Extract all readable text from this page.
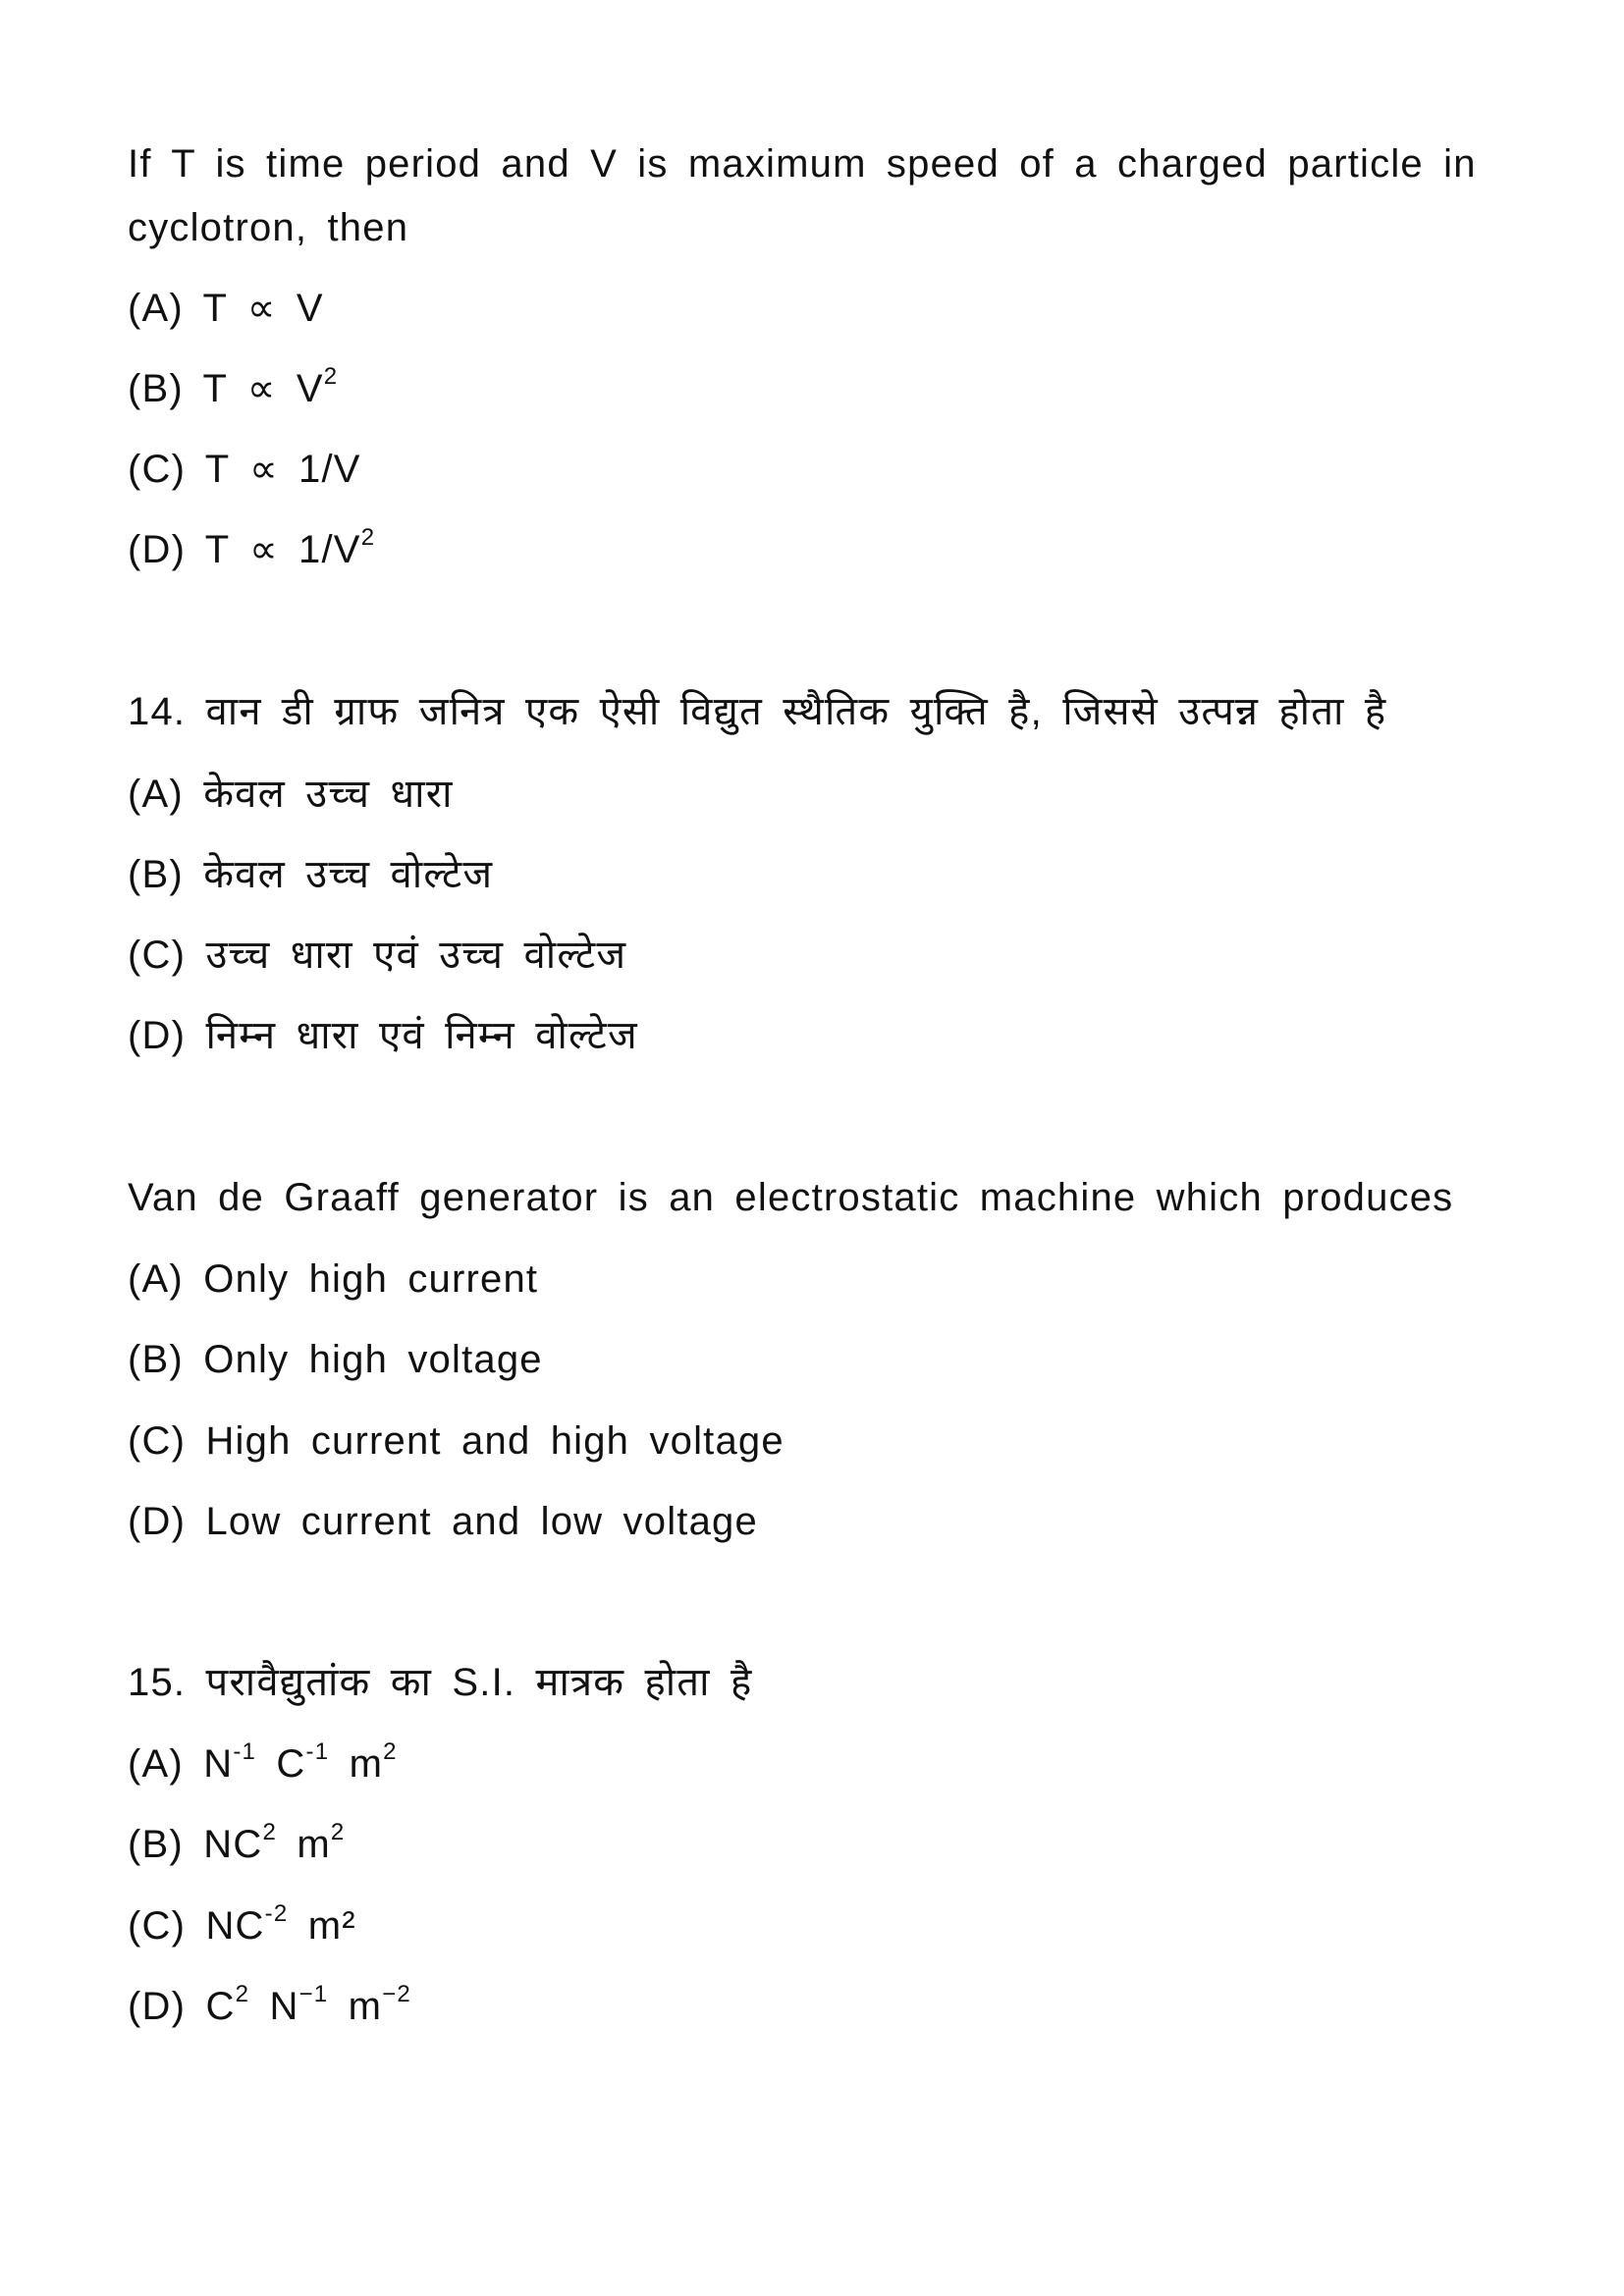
If T is time period and V is maximum speed of a charged particle in
cyclotron, then
(A) T ∝ V
(B) $T \propto V^2$
(C) T ∝ 1/V
(D) $T \propto 1/V^2$
14. वान डी ग्राफ जनित्र एक ऐसी विद्युत स्थैतिक युक्ति है, जिससे उत्पन्न होता है
(A) केवल उच्च धारा
(B) केवल उच्च वोल्टेज
(C) उच्च धारा एवं उच्च वोल्टेज
(D) निम्न धारा एवं निम्न वोल्टेज
Van de Graaff generator is an electrostatic machine which produces
(A) Only high current
(B) Only high voltage
(C) High current and high voltage
(D) Low current and low voltage
15. परावैद्युतांक का S.I. मात्रक होता है
(A) $N^{-1}$ $C^{-1}$ $m^2$
(B) $NC^2$ $m^2$
(C) $NC^{-2}$ m²
(D) $C^2$ $N^{-1}$ $m^{-2}$
